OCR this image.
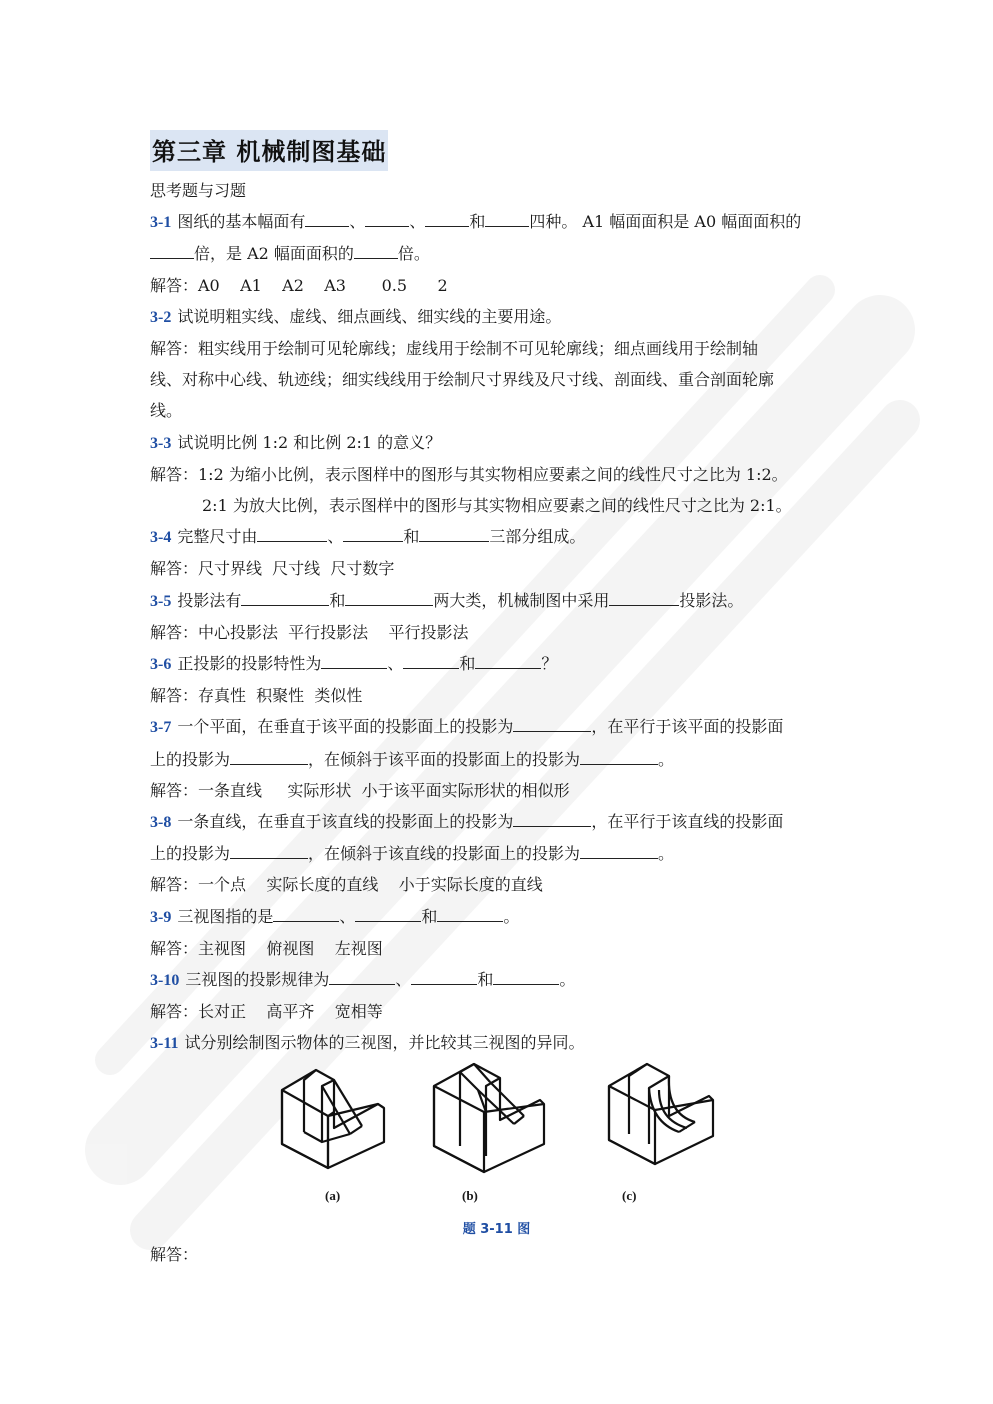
第三章 机械制图基础

思考题与习题

3-1 图纸的基本幅面有	、	、	和	四种。 A1 幅面面积是 A0 幅面面积的

倍，是 A2 幅面面积的	倍。

解答：A0    A1    A2    A3       0.5      2

3-2 试说明粗实线、虚线、细点画线、细实线的主要用途。

解答：粗实线用于绘制可见轮廓线；虚线用于绘制不可见轮廓线；细点画线用于绘制轴

线、对称中心线、轨迹线；细实线线用于绘制尺寸界线及尺寸线、剖面线、重合剖面轮廓

线。

3-3 试说明比例 1:2 和比例 2:1 的意义？

解答：1:2 为缩小比例，表示图样中的图形与其实物相应要素之间的线性尺寸之比为 1:2。

2:1 为放大比例，表示图样中的图形与其实物相应要素之间的线性尺寸之比为 2:1。

3-4 完整尺寸由	、	和	三部分组成。

解答：尺寸界线  尺寸线  尺寸数字

3-5 投影法有	和	两大类，机械制图中采用	投影法。

解答：中心投影法  平行投影法    平行投影法

3-6 正投影的投影特性为	、	和	？

解答：存真性  积聚性  类似性

3-7 一个平面，在垂直于该平面的投影面上的投影为	，在平行于该平面的投影面

上的投影为	，在倾斜于该平面的投影面上的投影为	。

解答：一条直线     实际形状  小于该平面实际形状的相似形

3-8 一条直线，在垂直于该直线的投影面上的投影为	，在平行于该直线的投影面

上的投影为	，在倾斜于该直线的投影面上的投影为	。

解答：一个点    实际长度的直线    小于实际长度的直线

3-9 三视图指的是	、	和	。

解答：主视图    俯视图    左视图

3-10 三视图的投影规律为	、	和	。

解答：长对正    高平齐    宽相等

3-11 试分别绘制图示物体的三视图，并比较其三视图的异同。

(a)	(b)	(c)
题 3-11 图
解答：
